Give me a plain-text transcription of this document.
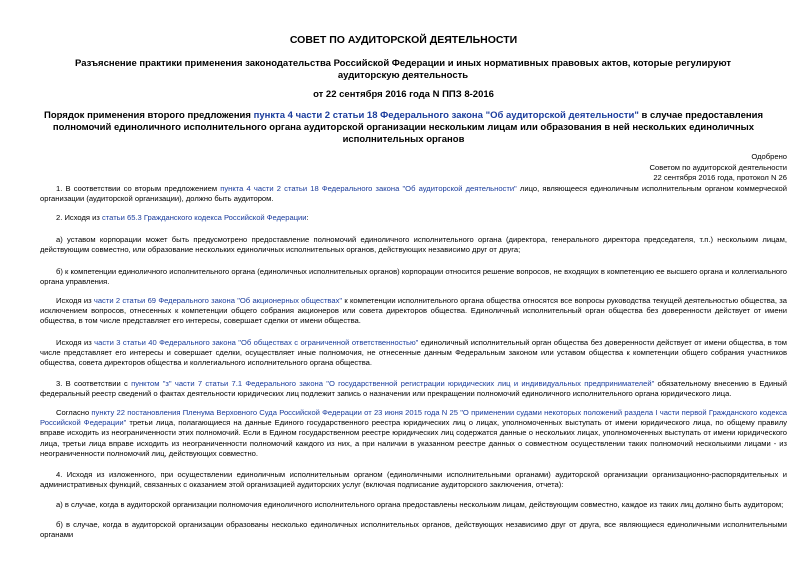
СОВЕТ ПО АУДИТОРСКОЙ ДЕЯТЕЛЬНОСТИ
Разъяснение практики применения законодательства Российской Федерации и иных нормативных правовых актов, которые регулируют аудиторскую деятельность
от 22 сентября 2016 года N ППЗ 8-2016
Порядок применения второго предложения пункта 4 части 2 статьи 18 Федерального закона "Об аудиторской деятельности" в случае предоставления полномочий единоличного исполнительного органа аудиторской организации нескольким лицам или образования в ней нескольких единоличных исполнительных органов
Одобрено
Советом по аудиторской деятельности
22 сентября 2016 года, протокол N 26

1. В соответствии со вторым предложением пункта 4 части 2 статьи 18 Федерального закона "Об аудиторской деятельности" лицо, являющееся единоличным исполнительным органом коммерческой организации (аудиторской организации), должно быть аудитором.

2. Исходя из статьи 65.3 Гражданского кодекса Российской Федерации:

а) уставом корпорации может быть предусмотрено предоставление полномочий единоличного исполнительного органа (директора, генерального директора председателя, т.п.) нескольким лицам, действующим совместно, или образование нескольких единоличных исполнительных органов, действующих независимо друг от друга;

б) к компетенции единоличного исполнительного органа (единоличных исполнительных органов) корпорации относится решение вопросов, не входящих в компетенцию ее высшего органа и коллегиального органа управления.

Исходя из части 2 статьи 69 Федерального закона "Об акционерных обществах" к компетенции исполнительного органа общества относятся все вопросы руководства текущей деятельностью общества, за исключением вопросов, отнесенных к компетенции общего собрания акционеров или совета директоров общества. Единоличный исполнительный орган общества без доверенности действует от имени общества, в том числе представляет его интересы, совершает сделки от имени общества.

Исходя из части 3 статьи 40 Федерального закона "Об обществах с ограниченной ответственностью" единоличный исполнительный орган общества без доверенности действует от имени общества, в том числе представляет его интересы и совершает сделки, осуществляет иные полномочия, не отнесенные данным Федеральным законом или уставом общества к компетенции общего собрания участников общества, совета директоров общества и коллегиального исполнительного органа общества.

3. В соответствии с пунктом "з" части 7 статьи 7.1 Федерального закона "О государственной регистрации юридических лиц и индивидуальных предпринимателей" обязательному внесению в Единый федеральный реестр сведений о фактах деятельности юридических лиц подлежит запись о назначении или прекращении полномочий единоличного исполнительного органа юридического лица.

Согласно пункту 22 постановления Пленума Верховного Суда Российской Федерации от 23 июня 2015 года N 25 "О применении судами некоторых положений раздела I части первой Гражданского кодекса Российской Федерации" третьи лица, полагающиеся на данные Единого государственного реестра юридических лиц о лицах, уполномоченных выступать от имени юридического лица, по общему правилу вправе исходить из неограниченности этих полномочий. Если в Едином государственном реестре юридических лиц содержатся данные о нескольких лицах, уполномоченных выступать от имени юридического лица, третьи лица вправе исходить из неограниченности полномочий каждого из них, а при наличии в указанном реестре данных о совместном осуществлении таких полномочий несколькими лицами - из неограниченности полномочий лиц, действующих совместно.

4. Исходя из изложенного, при осуществлении единоличным исполнительным органом (единоличными исполнительными органами) аудиторской организации организационно-распорядительных и административных функций, связанных с оказанием этой организацией аудиторских услуг (включая подписание аудиторского заключения, отчета):

а) в случае, когда в аудиторской организации полномочия единоличного исполнительного органа предоставлены нескольким лицам, действующим совместно, каждое из таких лиц должно быть аудитором;

б) в случае, когда в аудиторской организации образованы несколько единоличных исполнительных органов, действующих независимо друг от друга, все являющиеся единоличными исполнительными органами
